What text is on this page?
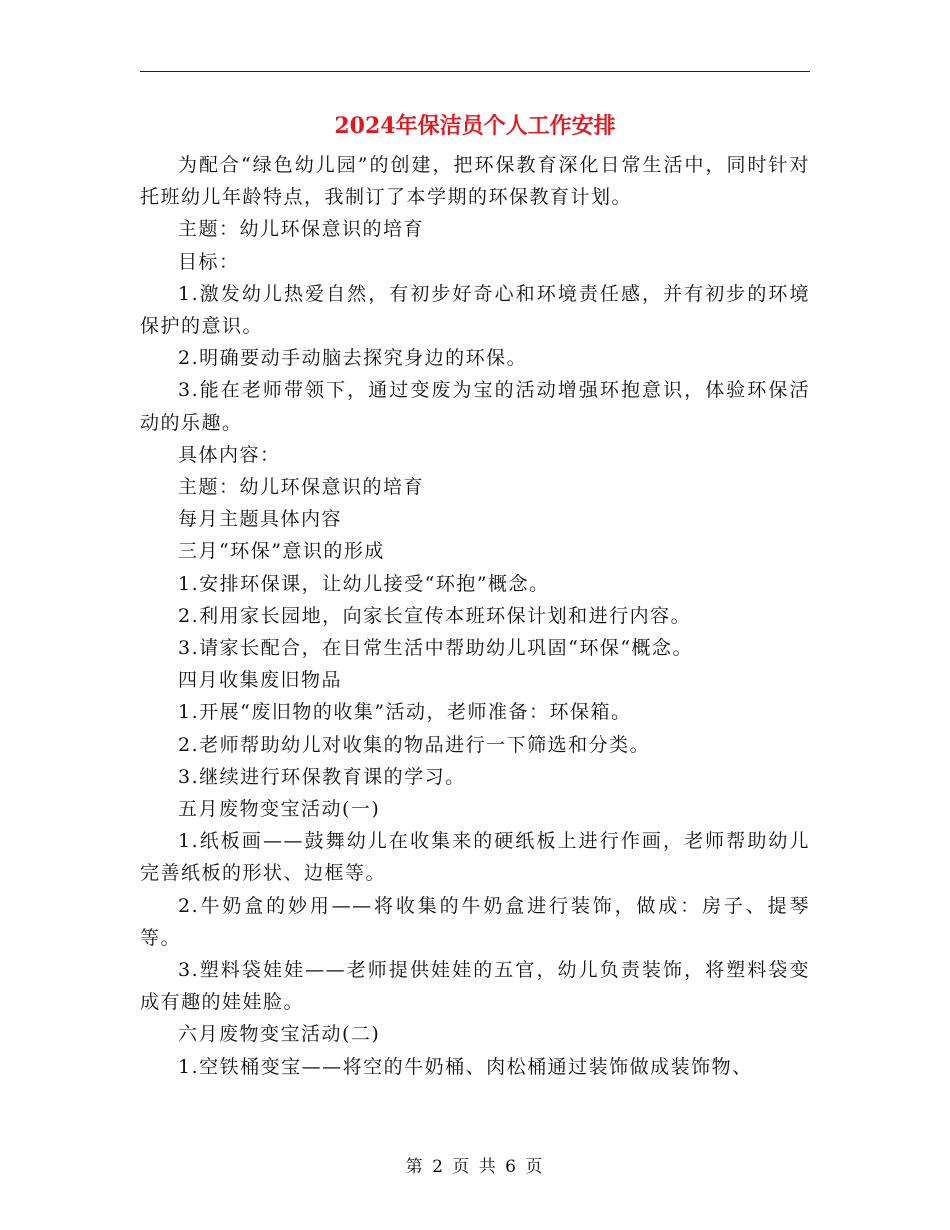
2024年保洁员个人工作安排

为配合“绿色幼儿园”的创建，把环保教育深化日常生活中，同时针对托班幼儿年龄特点，我制订了本学期的环保教育计划。

主题：幼儿环保意识的培育

目标：

1.激发幼儿热爱自然，有初步好奇心和环境责任感，并有初步的环境保护的意识。

2.明确要动手动脑去探究身边的环保。

3.能在老师带领下，通过变废为宝的活动增强环抱意识，体验环保活动的乐趣。

具体内容：

主题：幼儿环保意识的培育

每月主题具体内容

三月“环保”意识的形成

1.安排环保课，让幼儿接受“环抱”概念。

2.利用家长园地，向家长宣传本班环保计划和进行内容。

3.请家长配合，在日常生活中帮助幼儿巩固“环保“概念。

四月收集废旧物品

1.开展“废旧物的收集”活动，老师准备：环保箱。

2.老师帮助幼儿对收集的物品进行一下筛选和分类。

3.继续进行环保教育课的学习。

五月废物变宝活动(一)

1.纸板画——鼓舞幼儿在收集来的硬纸板上进行作画，老师帮助幼儿完善纸板的形状、边框等。

2.牛奶盒的妙用——将收集的牛奶盒进行装饰，做成：房子、提琴等。

3.塑料袋娃娃——老师提供娃娃的五官，幼儿负责装饰，将塑料袋变成有趣的娃娃脸。

六月废物变宝活动(二)

1.空铁桶变宝——将空的牛奶桶、肉松桶通过装饰做成装饰物、

第 2 页 共 6 页
